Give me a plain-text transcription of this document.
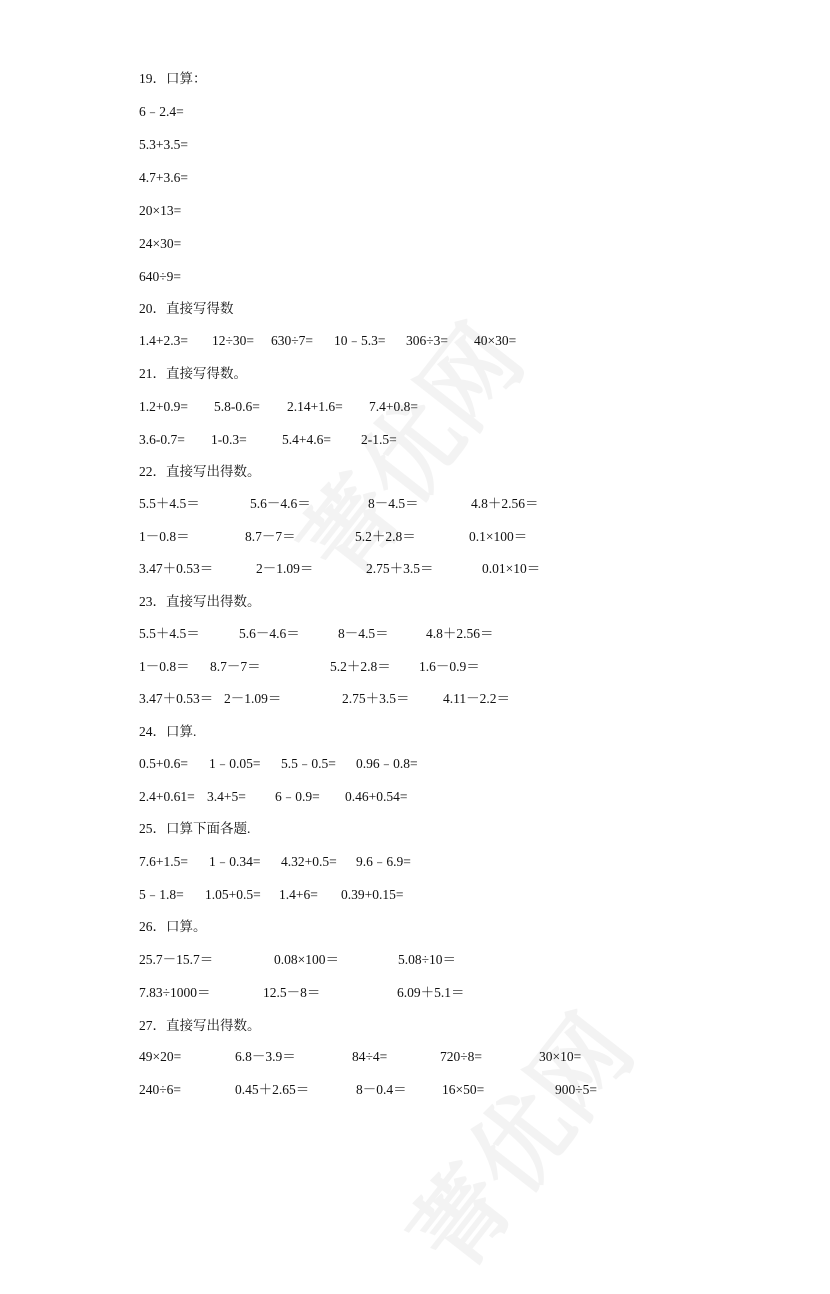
19．口算：
6﹣2.4=
5.3+3.5=
4.7+3.6=
20×13=
24×30=
640÷9=
20．直接写得数
1.4+2.3= 12÷30= 630÷7= 10﹣5.3= 306÷3= 40×30=
21．直接写得数。
1.2+0.9= 5.8-0.6= 2.14+1.6= 7.4+0.8=
3.6-0.7= 1-0.3=	5.4+4.6= 2-1.5=
22．直接写出得数。
5.5＋4.5＝	5.6－4.6＝	8－4.5＝	4.8＋2.56＝
1－0.8＝	8.7－7＝	5.2＋2.8＝	0.1×100＝
3.47＋0.53＝	2－1.09＝	2.75＋3.5＝	0.01×10＝
23．直接写出得数。
5.5＋4.5＝	5.6－4.6＝	8－4.5＝	4.8＋2.56＝
1－0.8＝ 8.7－7＝	5.2＋2.8＝ 1.6－0.9＝
3.47＋0.53＝ 2－1.09＝	2.75＋3.5＝ 4.11－2.2＝
24．口算.
0.5+0.6= 1﹣0.05= 5.5﹣0.5= 0.96﹣0.8=
2.4+0.61= 3.4+5= 6﹣0.9= 0.46+0.54=
25．口算下面各题.
7.6+1.5= 1﹣0.34= 4.32+0.5= 9.6﹣6.9=
5﹣1.8= 1.05+0.5= 1.4+6= 0.39+0.15=
26．口算。
25.7－15.7＝	0.08×100＝	5.08÷10＝
7.83÷1000＝	12.5－8＝	6.09＋5.1＝
27．直接写出得数。
49×20=	6.8－3.9＝	84÷4=	720÷8=	30×10=
240÷6=	0.45＋2.65＝	8－0.4＝	16×50=	900÷5=
